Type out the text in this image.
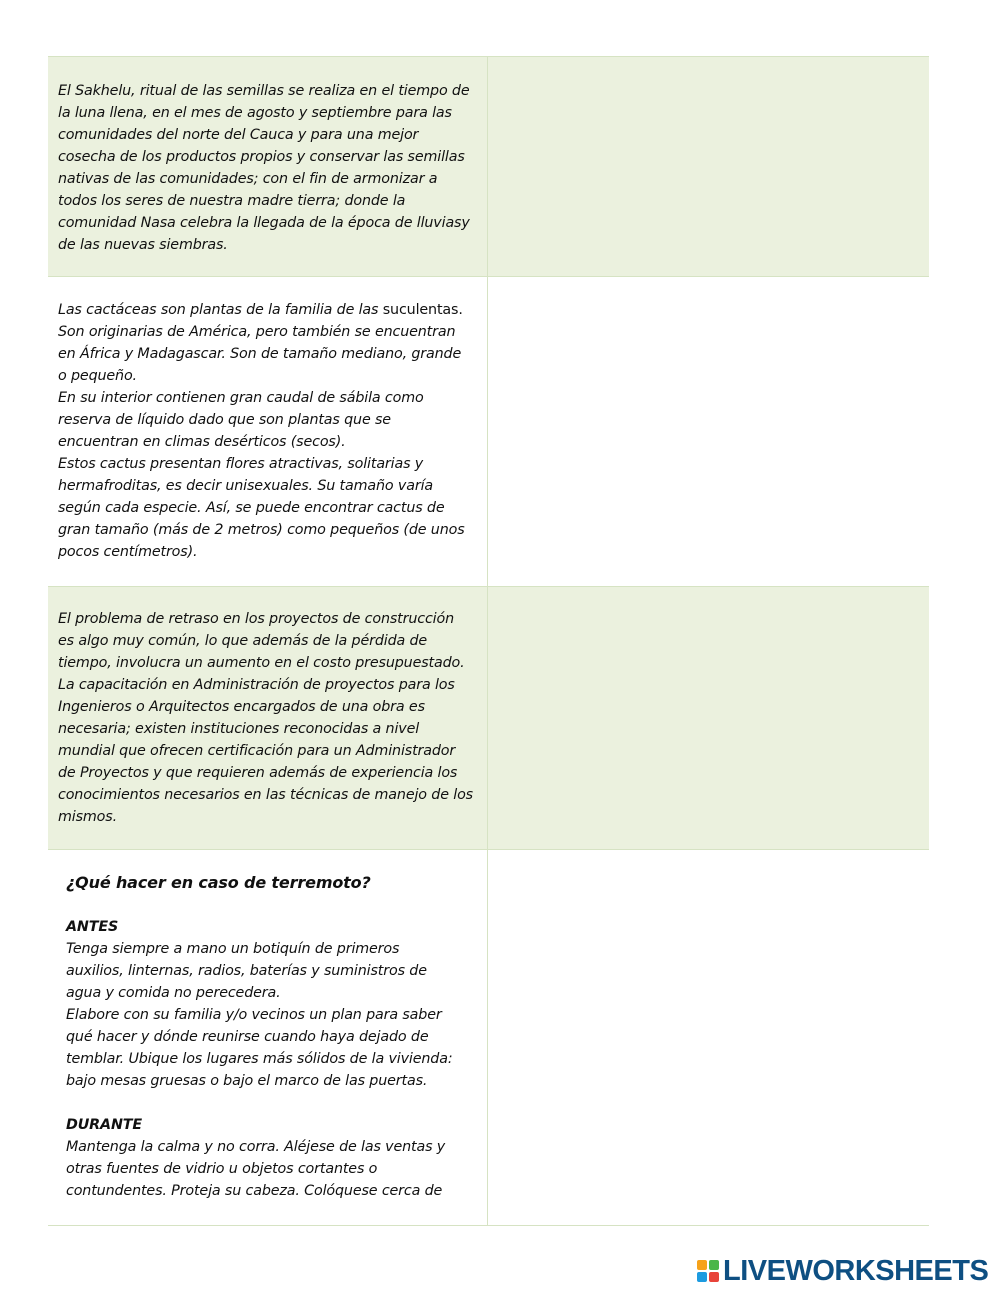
El Sakhelu, ritual de las semillas se realiza en el tiempo de
la luna llena, en el mes de agosto y septiembre para las
comunidades del norte del Cauca y para una mejor
cosecha de los productos propios y conservar las semillas
nativas de las comunidades; con el fin de armonizar a
todos los seres de nuestra madre tierra; donde la
comunidad Nasa celebra la llegada de la época de lluviasy
de las nuevas siembras.
Las cactáceas son plantas de la familia de las suculentas.
Son originarias de América, pero también se encuentran
en África y Madagascar. Son de tamaño mediano, grande
o pequeño.
En su interior contienen gran caudal de sábila como
reserva de líquido dado que son plantas que se
encuentran en climas desérticos (secos).
Estos cactus presentan flores atractivas, solitarias y
hermafroditas, es decir unisexuales. Su tamaño varía
según cada especie. Así, se puede encontrar cactus de
gran tamaño (más de 2 metros) como pequeños (de unos
pocos centímetros).
El problema de retraso en los proyectos de construcción
es algo muy común, lo que además de la pérdida de
tiempo, involucra un aumento en el costo presupuestado.
La capacitación en Administración de proyectos para los
Ingenieros o Arquitectos encargados de una obra es
necesaria; existen instituciones reconocidas a nivel
mundial que ofrecen certificación para un Administrador
de Proyectos y que requieren además de experiencia los
conocimientos necesarios en las técnicas de manejo de los
mismos.
¿Qué hacer en caso de terremoto?
ANTES
Tenga siempre a mano un botiquín de primeros
auxilios, linternas, radios, baterías y suministros de
agua y comida no perecedera.
Elabore con su familia y/o vecinos un plan para saber
qué hacer y dónde reunirse cuando haya dejado de
temblar. Ubique los lugares más sólidos de la vivienda:
bajo mesas gruesas o bajo el marco de las puertas.
DURANTE
Mantenga la calma y no corra. Aléjese de las ventas y
otras fuentes de vidrio u objetos cortantes o
contundentes. Proteja su cabeza. Colóquese cerca de
LIVEWORKSHEETS
